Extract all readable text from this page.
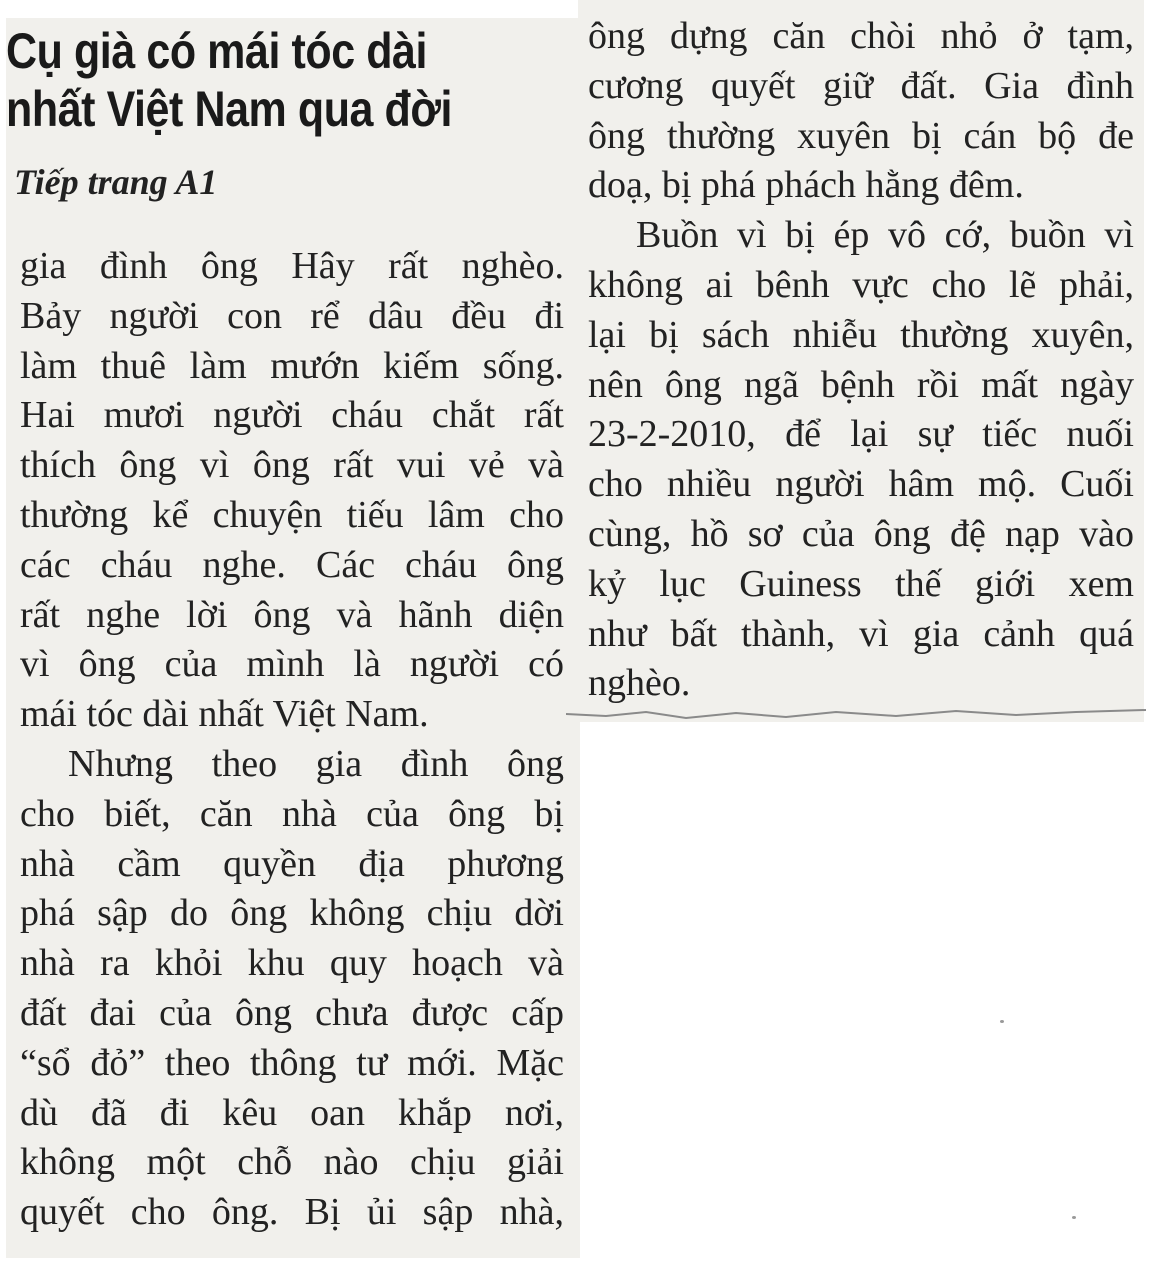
Cụ già có mái tóc dài
nhất Việt Nam qua đời

Tiếp trang A1

gia đình ông Hây rất nghèo.
Bảy người con rể dâu đều đi
làm thuê làm mướn kiếm sống.
Hai mươi người cháu chắt rất
thích ông vì ông rất vui vẻ và
thường kể chuyện tiếu lâm cho
các cháu nghe. Các cháu ông
rất nghe lời ông và hãnh diện
vì ông của mình là người có
mái tóc dài nhất Việt Nam.
Nhưng theo gia đình ông
cho biết, căn nhà của ông bị
nhà cầm quyền địa phương
phá sập do ông không chịu dời
nhà ra khỏi khu quy hoạch và
đất đai của ông chưa được cấp
“sổ đỏ” theo thông tư mới. Mặc
dù đã đi kêu oan khắp nơi,
không một chỗ nào chịu giải
quyết cho ông. Bị ủi sập nhà,
ông dựng căn chòi nhỏ ở tạm,
cương quyết giữ đất. Gia đình
ông thường xuyên bị cán bộ đe
doạ, bị phá phách hằng đêm.
Buồn vì bị ép vô cớ, buồn vì
không ai bênh vực cho lẽ phải,
lại bị sách nhiễu thường xuyên,
nên ông ngã bệnh rồi mất ngày
23-2-2010, để lại sự tiếc nuối
cho nhiều người hâm mộ. Cuối
cùng, hồ sơ của ông đệ nạp vào
kỷ lục Guiness thế giới xem
như bất thành, vì gia cảnh quá
nghèo.
